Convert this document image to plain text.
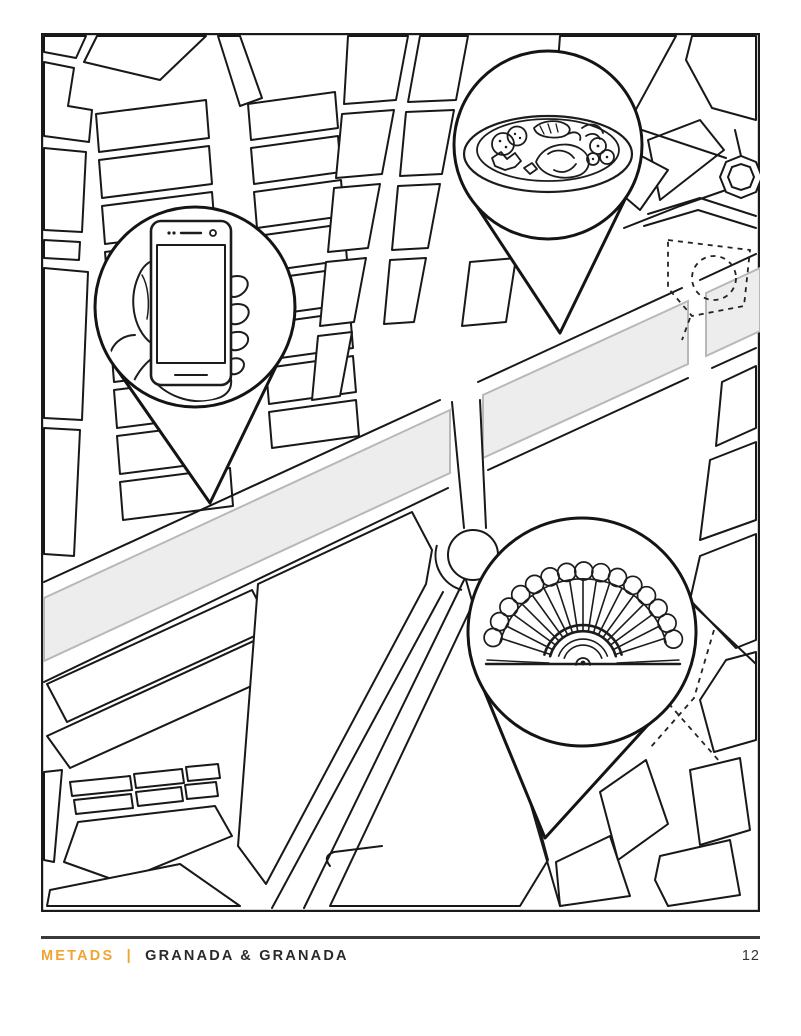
METADS | GRANADA & GRANADA	12
